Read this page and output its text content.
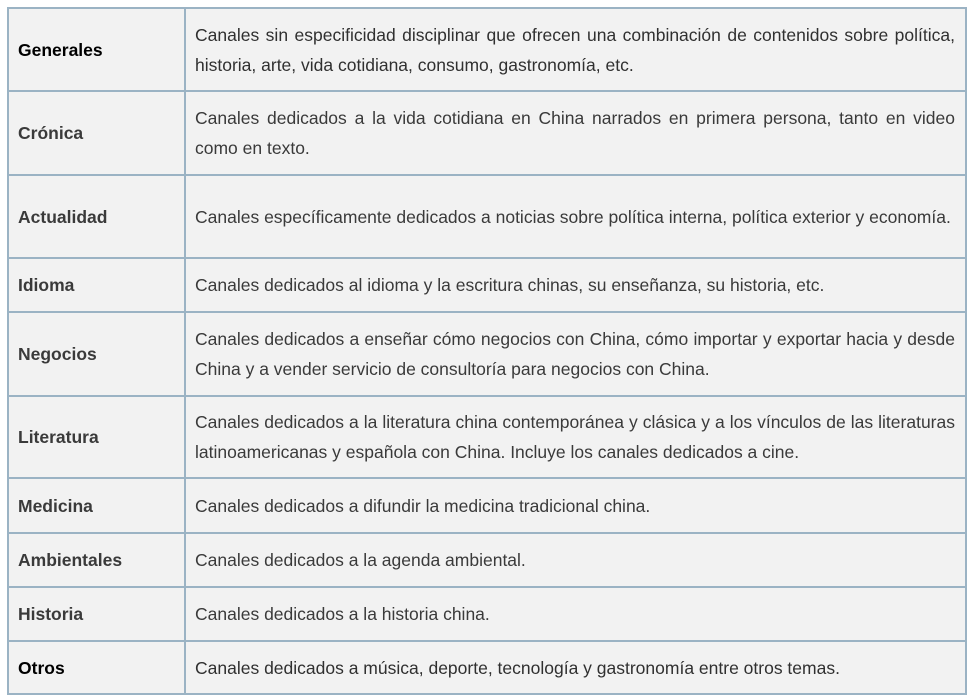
Generales	Canales sin especificidad disciplinar que ofrecen una combinación de contenidos sobre política, historia, arte, vida cotidiana, consumo, gastronomía, etc.
Crónica	Canales dedicados a la vida cotidiana en China narrados en primera persona, tanto en video como en texto.
Actualidad	Canales específicamente dedicados a noticias sobre política interna, política exterior y economía.
Idioma	Canales dedicados al idioma y la escritura chinas, su enseñanza, su historia, etc.
Negocios	Canales dedicados a enseñar cómo negocios con China, cómo importar y exportar hacia y desde China y a vender servicio de consultoría para negocios con China.
Literatura	Canales dedicados a la literatura china contemporánea y clásica y a los vínculos de las literaturas latinoamericanas y española con China. Incluye los canales dedicados a cine.
Medicina	Canales dedicados a difundir la medicina tradicional china.
Ambientales	Canales dedicados a la agenda ambiental.
Historia	Canales dedicados a la historia china.
Otros	Canales dedicados a música, deporte, tecnología y gastronomía entre otros temas.
